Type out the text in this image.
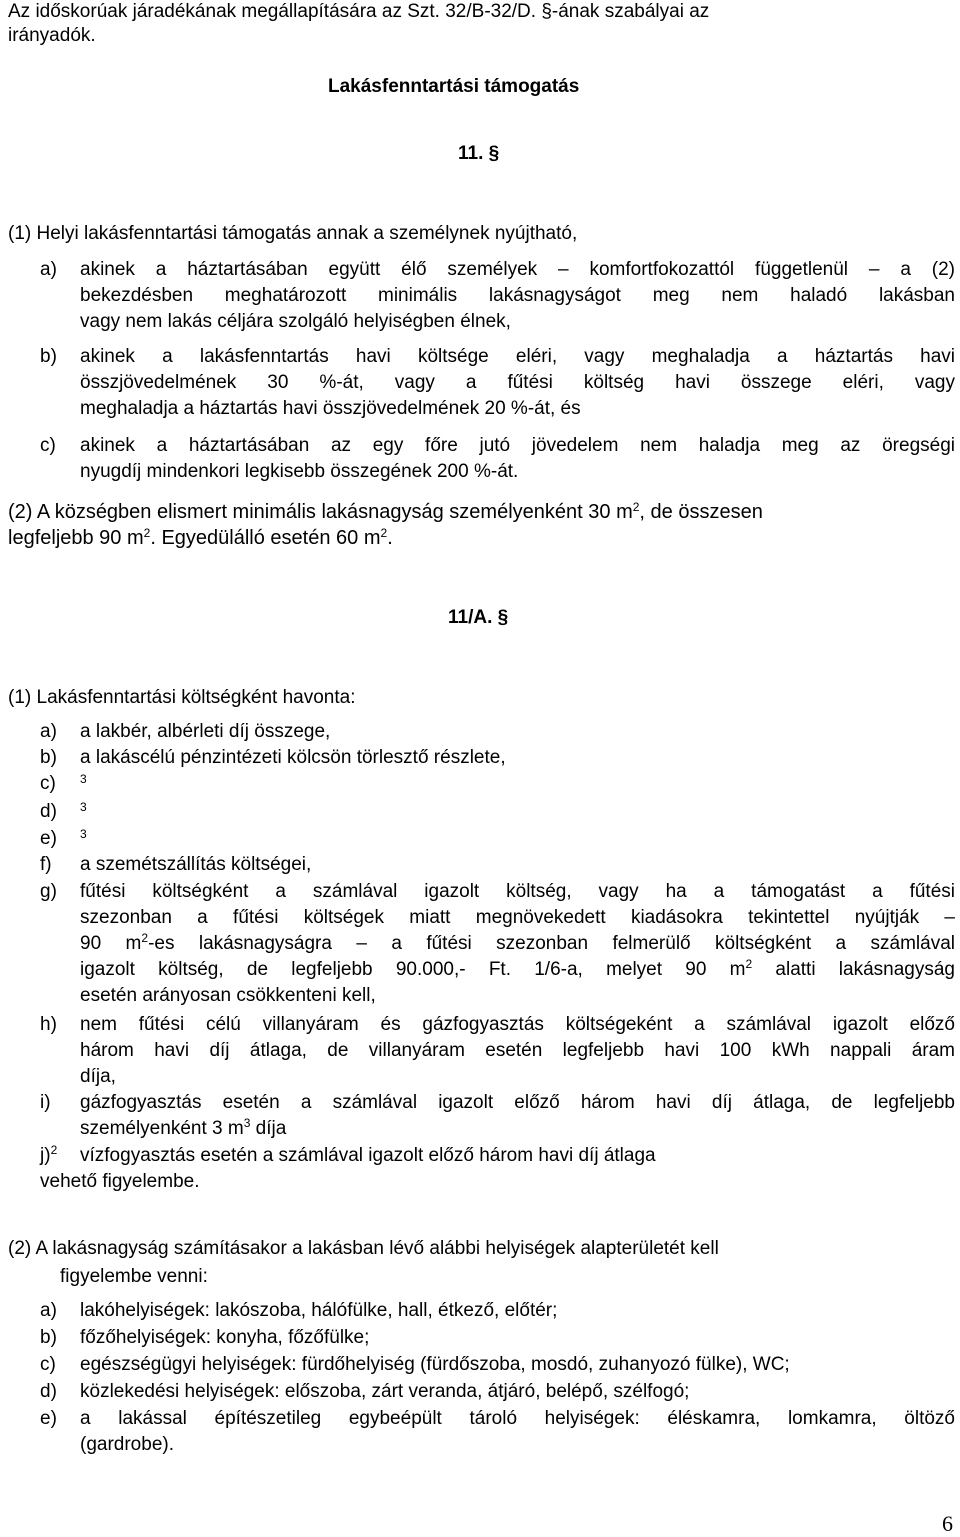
Az időskorúak járadékának megállapítására az Szt. 32/B-32/D. §-ának szabályai az
irányadók.
Lakásfenntartási támogatás
11. §
(1) Helyi lakásfenntartási támogatás annak a személynek nyújtható,
a) akinek a háztartásában együtt élő személyek – komfortfokozattól függetlenül – a (2)
bekezdésben meghatározott minimális lakásnagyságot meg nem haladó lakásban
vagy nem lakás céljára szolgáló helyiségben élnek,
b) akinek a lakásfenntartás havi költsége eléri, vagy meghaladja a háztartás havi
összjövedelmének 30 %-át, vagy a fűtési költség havi összege eléri, vagy
meghaladja a háztartás havi összjövedelmének 20 %-át, és
c) akinek a háztartásában az egy főre jutó jövedelem nem haladja meg az öregségi
nyugdíj mindenkori legkisebb összegének 200 %-át.
(2) A községben elismert minimális lakásnagyság személyenként 30 $m^2$, de összesen
legfeljebb 90 $m^2$. Egyedülálló esetén 60 $m^2$.
11/A. §
(1) Lakásfenntartási költségként havonta:
a) a lakbér, albérleti díj összege,
b) a lakáscélú pénzintézeti kölcsön törlesztő részlete,
c) 3
d) 3
e) 3
f) a szemétszállítás költségei,
g) fűtési költségként a számlával igazolt költség, vagy ha a támogatást a fűtési
szezonban a fűtési költségek miatt megnövekedett kiadásokra tekintettel nyújtják –
90 $m^2-es$ lakásnagyságra – a fűtési szezonban felmerülő költségként a számlával
igazolt költség, de legfeljebb 90.000,- Ft. 1/6-a, melyet 90 $m^2$ alatti lakásnagyság
esetén arányosan csökkenteni kell,
h) nem fűtési célú villanyáram és gázfogyasztás költségeként a számlával igazolt előző
három havi díj átlaga, de villanyáram esetén legfeljebb havi 100 kWh nappali áram
díja,
i) gázfogyasztás esetén a számlával igazolt előző három havi díj átlaga, de legfeljebb
személyenként 3 $m^3$ díja
j)$^2$ vízfogyasztás esetén a számlával igazolt előző három havi díj átlaga
vehető figyelembe.
(2) A lakásnagyság számításakor a lakásban lévő alábbi helyiségek alapterületét kell
figyelembe venni:
a) lakóhelyiségek: lakószoba, hálófülke, hall, étkező, előtér;
b) főzőhelyiségek: konyha, főzőfülke;
c) egészségügyi helyiségek: fürdőhelyiség (fürdőszoba, mosdó, zuhanyozó fülke), WC;
d) közlekedési helyiségek: előszoba, zárt veranda, átjáró, belépő, szélfogó;
e) a lakással építészetileg egybeépült tároló helyiségek: éléskamra, lomkamra, öltöző
(gardrobe).
6
